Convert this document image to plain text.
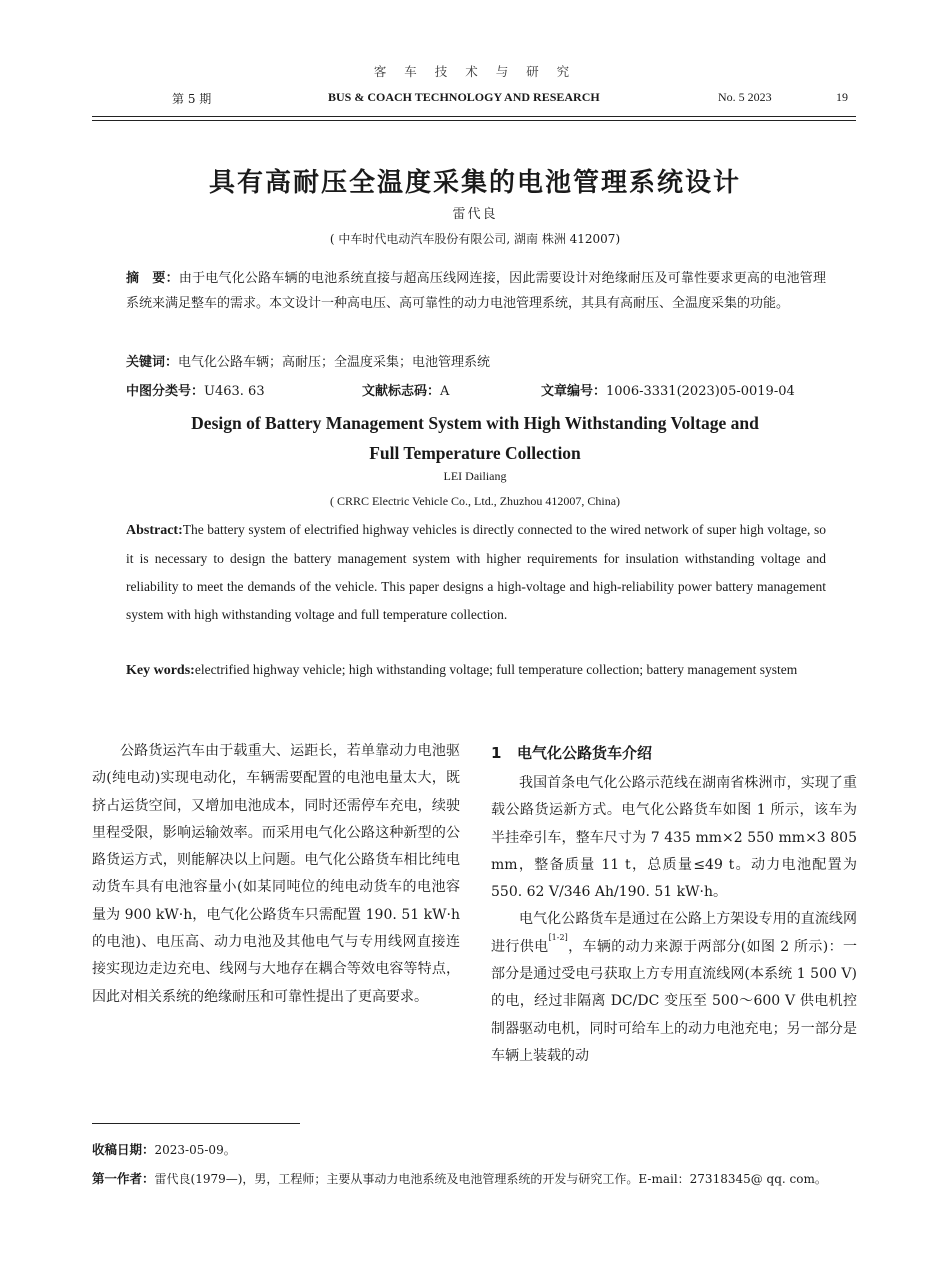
客 车 技 术 与 研 究
第 5 期	BUS & COACH TECHNOLOGY AND RESEARCH	No. 5 2023	19
具有高耐压全温度采集的电池管理系统设计
雷代良
( 中车时代电动汽车股份有限公司, 湖南 株洲 412007)
摘　要：由于电气化公路车辆的电池系统直接与超高压线网连接，因此需要设计对绝缘耐压及可靠性要求更高的电池管理系统来满足整车的需求。本文设计一种高电压、高可靠性的动力电池管理系统，其具有高耐压、全温度采集的功能。
关键词：电气化公路车辆；高耐压；全温度采集；电池管理系统
中图分类号：U463. 63	文献标志码：A	文章编号：1006-3331(2023)05-0019-04
Design of Battery Management System with High Withstanding Voltage and
Full Temperature Collection
LEI Dailiang
( CRRC Electric Vehicle Co., Ltd., Zhuzhou 412007, China)
Abstract:The battery system of electrified highway vehicles is directly connected to the wired network of super high voltage, so it is necessary to design the battery management system with higher requirements for insulation withstanding voltage and reliability to meet the demands of the vehicle. This paper designs a high-voltage and high-reliability power battery management system with high withstanding voltage and full temperature collection.
Key words:electrified highway vehicle; high withstanding voltage; full temperature collection; battery management system

公路货运汽车由于载重大、运距长，若单靠动力电池驱动(纯电动)实现电动化，车辆需要配置的电池电量太大，既挤占运货空间，又增加电池成本，同时还需停车充电，续驶里程受限，影响运输效率。而采用电气化公路这种新型的公路货运方式，则能解决以上问题。电气化公路货车相比纯电动货车具有电池容量小(如某同吨位的纯电动货车的电池容量为 900 kW·h，电气化公路货车只需配置 190. 51 kW·h 的电池)、电压高、动力电池及其他电气与专用线网直接连接实现边走边充电、线网与大地存在耦合等效电容等特点，因此对相关系统的绝缘耐压和可靠性提出了更高要求。

1 电气化公路货车介绍

我国首条电气化公路示范线在湖南省株洲市，实现了重载公路货运新方式。电气化公路货车如图 1 所示，该车为半挂牵引车，整车尺寸为 7 435 mm×2 550 mm×3 805 mm，整备质量 11 t，总质量≤49 t。动力电池配置为 550. 62 V/346 Ah/190. 51 kW·h。

电气化公路货车是通过在公路上方架设专用的直流线网进行供电[1-2]，车辆的动力来源于两部分(如图 2 所示)：一部分是通过受电弓获取上方专用直流线网(本系统 1 500 V)的电，经过非隔离 DC/DC 变压至 500～600 V 供电机控制器驱动电机，同时可给车上的动力电池充电；另一部分是车辆上装载的动

收稿日期：2023-05-09。
第一作者：雷代良(1979—)，男，工程师；主要从事动力电池系统及电池管理系统的开发与研究工作。E-mail：27318345@ qq. com。
